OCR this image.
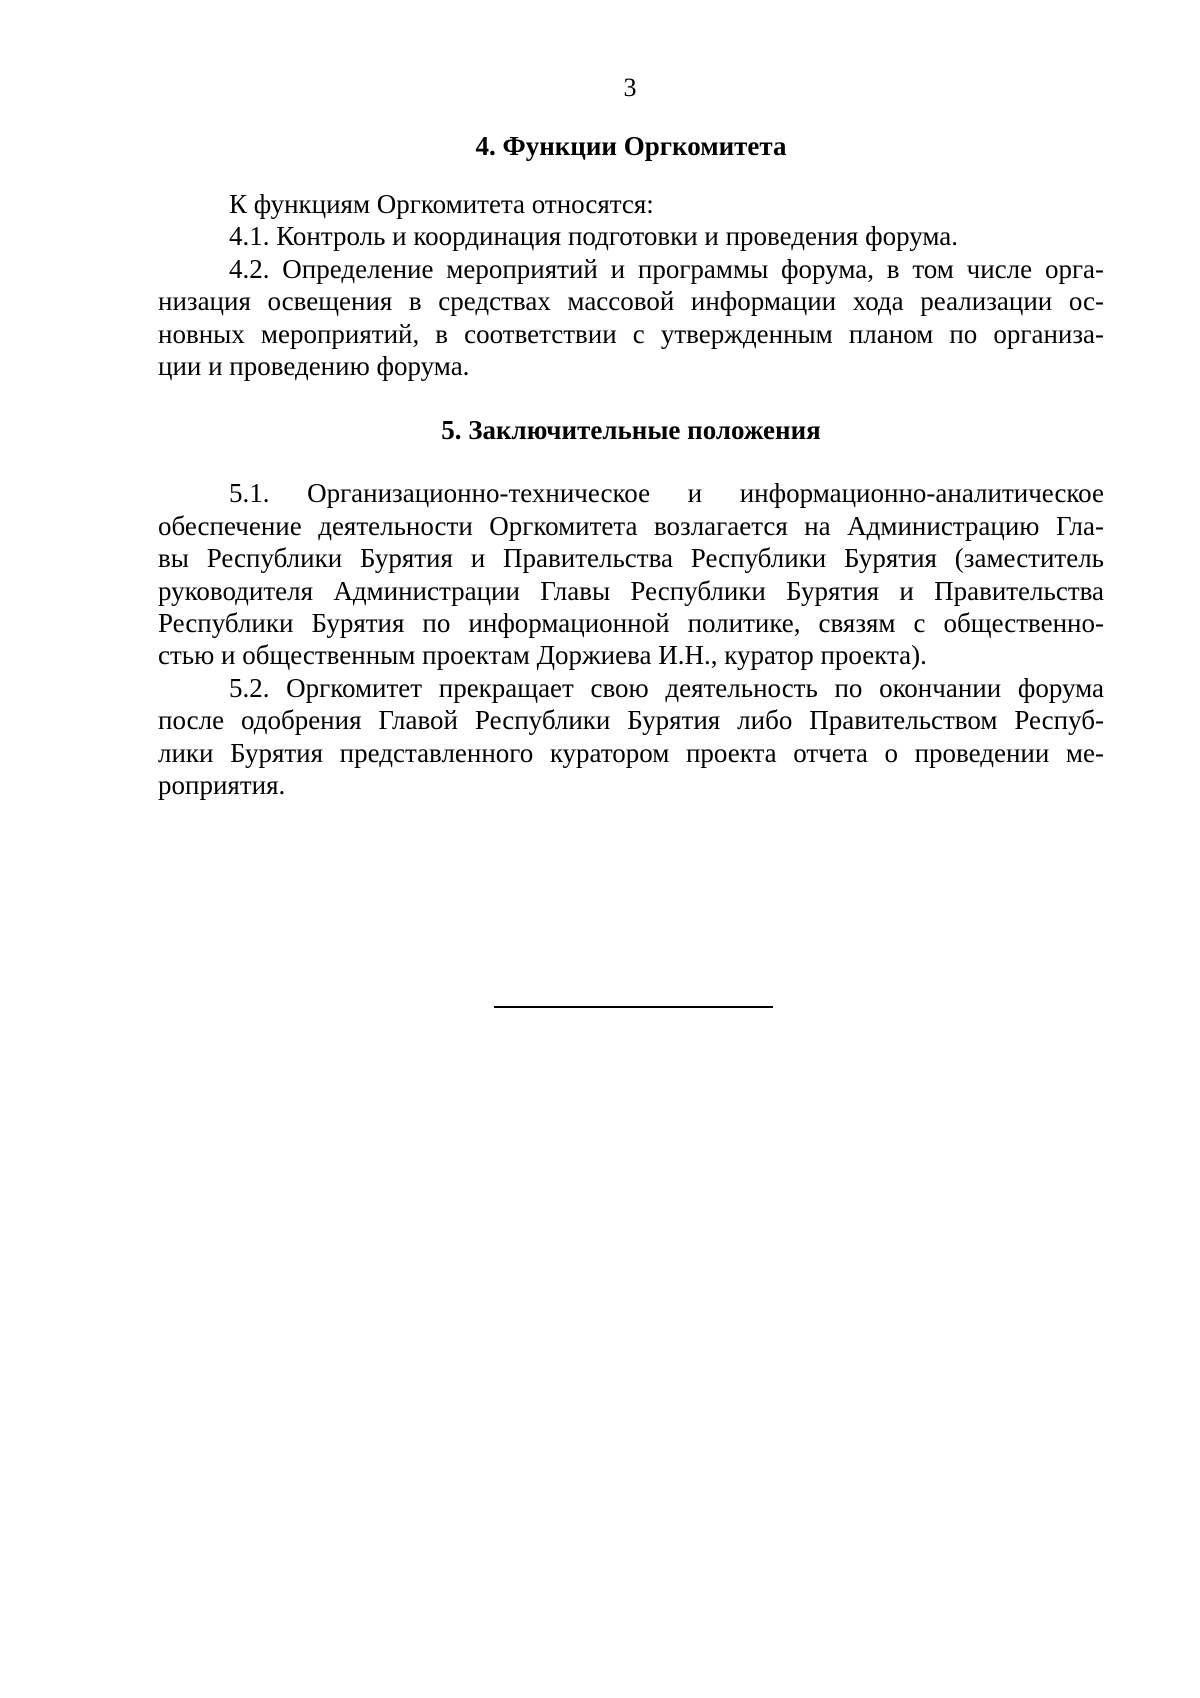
3
4. Функции Оргкомитета

К функциям Оргкомитета относятся:

4.1. Контроль и координация подготовки и проведения форума.

4.2. Определение мероприятий и программы форума, в том числе орга-
низация освещения в средствах массовой информации хода реализации ос-
новных мероприятий, в соответствии с утвержденным планом по организа-
ции и проведению форума.

5. Заключительные положения

5.1. Организационно-техническое и информационно-аналитическое
обеспечение деятельности Оргкомитета возлагается на Администрацию Гла-
вы Республики Бурятия и Правительства Республики Бурятия (заместитель
руководителя Администрации Главы Республики Бурятия и Правительства
Республики Бурятия по информационной политике, связям с общественно-
стью и общественным проектам Доржиева И.Н., куратор проекта).

5.2. Оргкомитет прекращает свою деятельность по окончании форума
после одобрения Главой Республики Бурятия либо Правительством Респуб-
лики Бурятия представленного куратором проекта отчета о проведении ме-
роприятия.
